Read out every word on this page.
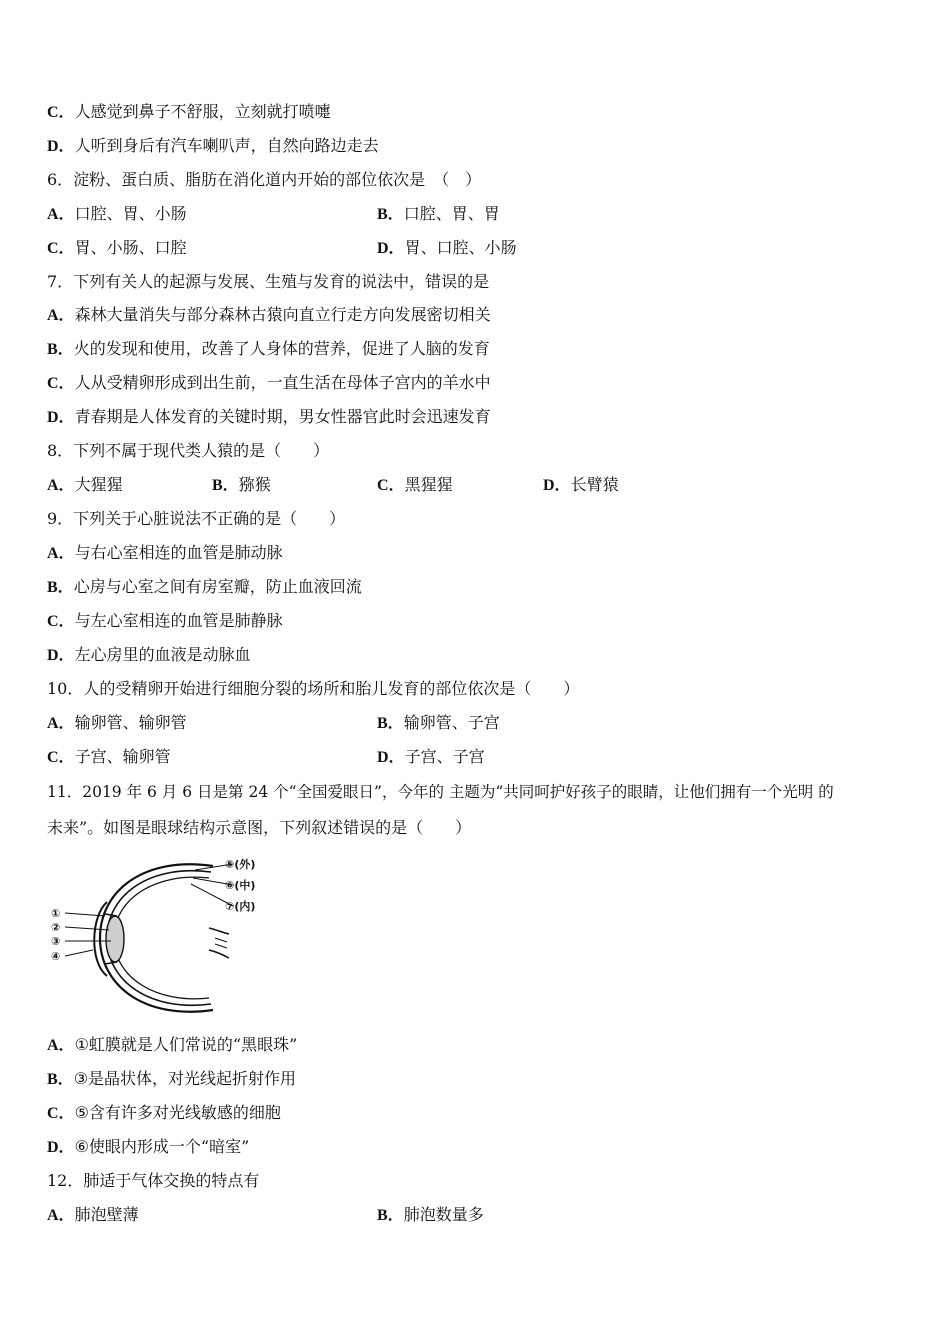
C．人感觉到鼻子不舒服，立刻就打喷嚏
D．人听到身后有汽车喇叭声，自然向路边走去
6．淀粉、蛋白质、脂肪在消化道内开始的部位依次是　（　）
A．口腔、胃、小肠	B．口腔、胃、胃
C．胃、小肠、口腔	D．胃、口腔、小肠
7．下列有关人的起源与发展、生殖与发育的说法中，错误的是
A．森林大量消失与部分森林古猿向直立行走方向发展密切相关
B．火的发现和使用，改善了人身体的营养，促进了人脑的发育
C．人从受精卵形成到出生前，一直生活在母体子宫内的羊水中
D．青春期是人体发育的关键时期，男女性器官此时会迅速发育
8．下列不属于现代类人猿的是（　　）
A．大猩猩	B．猕猴	C．黑猩猩	D．长臂猿
9．下列关于心脏说法不正确的是（　　）
A．与右心室相连的血管是肺动脉
B．心房与心室之间有房室瓣，防止血液回流
C．与左心室相连的血管是肺静脉
D．左心房里的血液是动脉血
10．人的受精卵开始进行细胞分裂的场所和胎儿发育的部位依次是（　　）
A．输卵管、输卵管	B．输卵管、子宫
C．子宫、输卵管	D．子宫、子宫
11．2019 年 6 月 6 日是第 24 个“全国爱眼日”，今年的 主题为“共同呵护好孩子的眼睛，让他们拥有一个光明 的
未来”。如图是眼球结构示意图，下列叙述错误的是（　　）
⑤(外)
⑥(中)
⑦(内)
①
②
③
④
A．①虹膜就是人们常说的“黑眼珠”
B．③是晶状体，对光线起折射作用
C．⑤含有许多对光线敏感的细胞
D．⑥使眼内形成一个“暗室”
12．肺适于气体交换的特点有
A．肺泡壁薄	B．肺泡数量多
